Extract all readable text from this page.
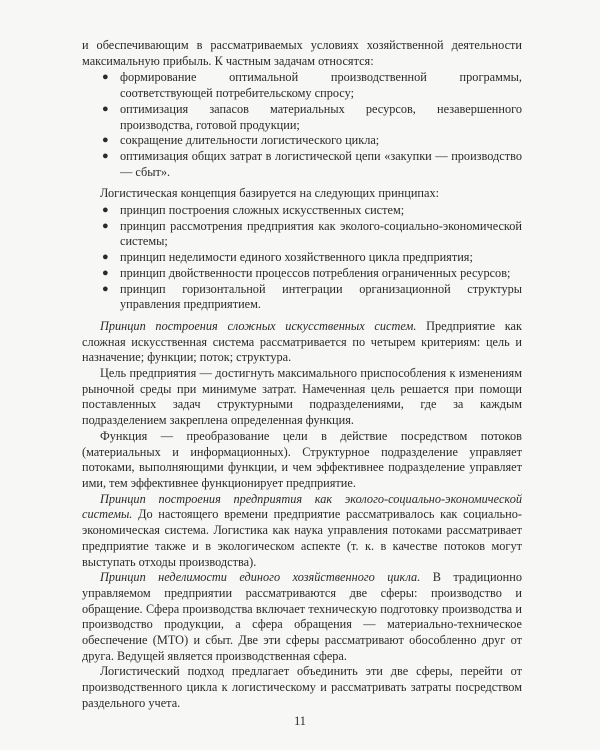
и обеспечивающим в рассматриваемых условиях хозяйственной деятельности максимальную прибыль. К частным задачам относятся:

● формирование оптимальной производственной программы, соответствующей потребительскому спросу;
● оптимизация запасов материальных ресурсов, незавершенного производства, готовой продукции;
● сокращение длительности логистического цикла;
● оптимизация общих затрат в логистической цепи «закупки — производство — сбыт».

Логистическая концепция базируется на следующих принципах:

● принцип построения сложных искусственных систем;
● принцип рассмотрения предприятия как эколого-социально-экономической системы;
● принцип неделимости единого хозяйственного цикла предприятия;
● принцип двойственности процессов потребления ограниченных ресурсов;
● принцип горизонтальной интеграции организационной структуры управления предприятием.

Принцип построения сложных искусственных систем. Предприятие как сложная искусственная система рассматривается по четырем критериям: цель и назначение; функции; поток; структура.

Цель предприятия — достигнуть максимального приспособления к изменениям рыночной среды при минимуме затрат. Намеченная цель решается при помощи поставленных задач структурными подразделениями, где за каждым подразделением закреплена определенная функция.

Функция — преобразование цели в действие посредством потоков (материальных и информационных). Структурное подразделение управляет потоками, выполняющими функции, и чем эффективнее подразделение управляет ими, тем эффективнее функционирует предприятие.

Принцип построения предприятия как эколого-социально-экономической системы. До настоящего времени предприятие рассматривалось как социально-экономическая система. Логистика как наука управления потоками рассматривает предприятие также и в экологическом аспекте (т. к. в качестве потоков могут выступать отходы производства).

Принцип неделимости единого хозяйственного цикла. В традиционно управляемом предприятии рассматриваются две сферы: производство и обращение. Сфера производства включает техническую подготовку производства и производство продукции, а сфера обращения — материально-техническое обеспечение (МТО) и сбыт. Две эти сферы рассматривают обособленно друг от друга. Ведущей является производственная сфера.

Логистический подход предлагает объединить эти две сферы, перейти от производственного цикла к логистическому и рассматривать затраты посредством раздельного учета.

11
